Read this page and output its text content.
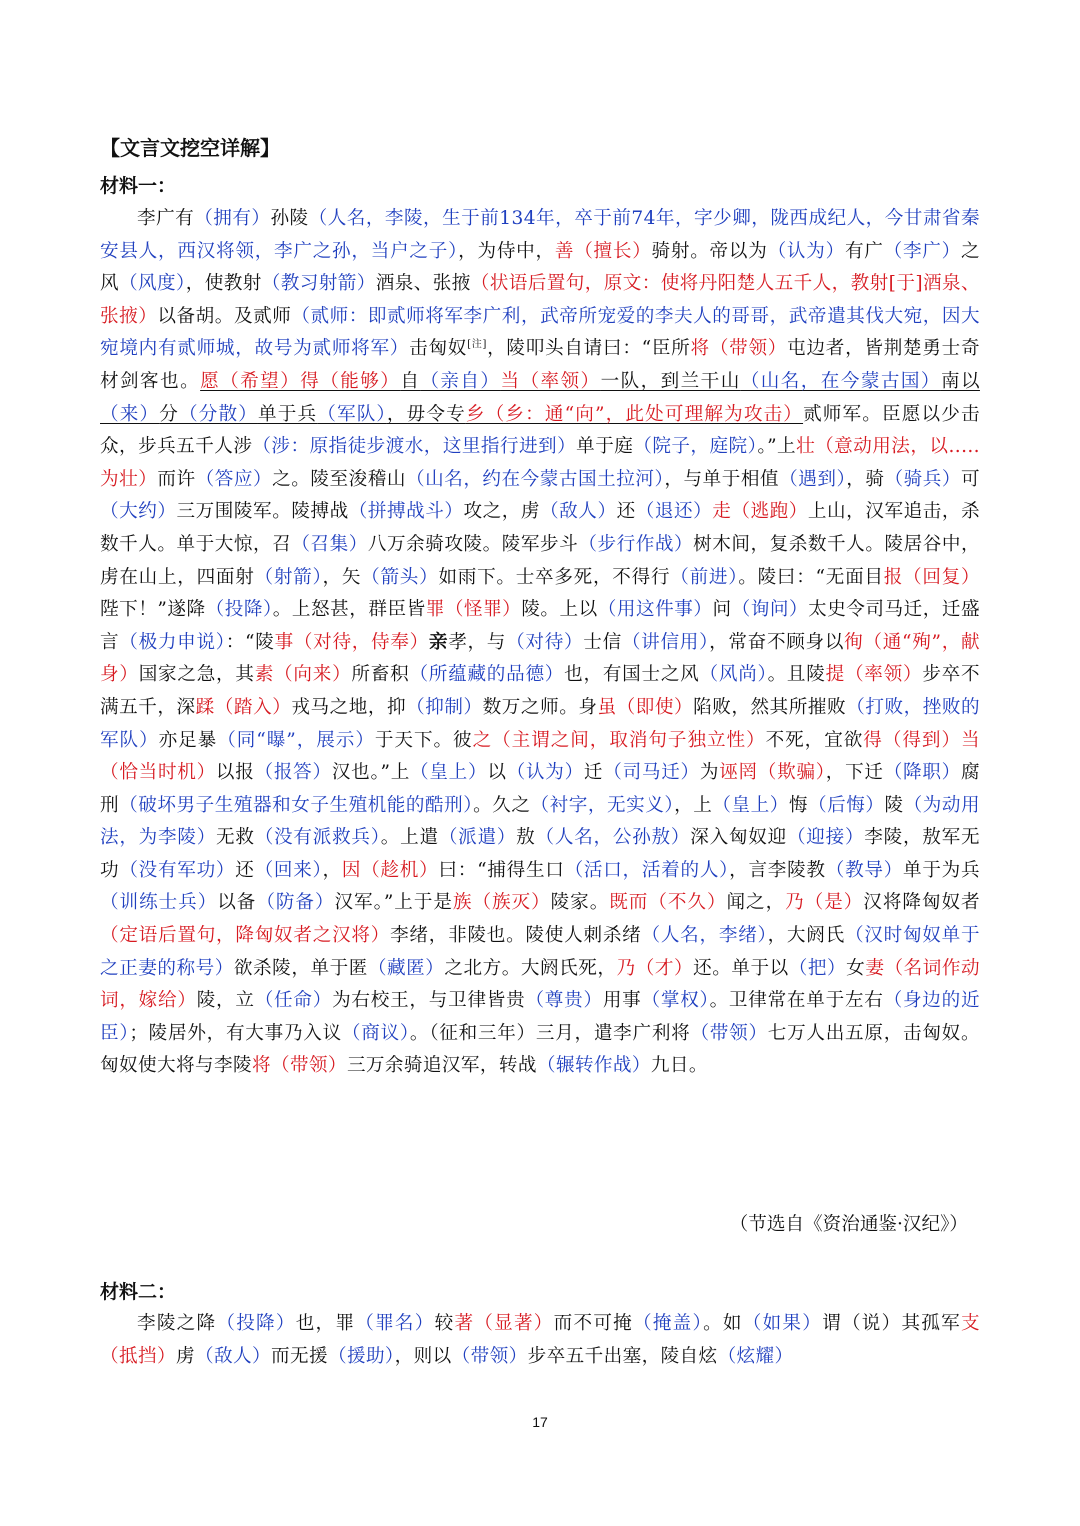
【文言文挖空详解】
材料一：
李广有（拥有）孙陵（人名，李陵，生于前134年，卒于前74年，字少卿，陇西成纪人，今甘肃省秦安县人，西汉将领，李广之孙，当户之子），为侍中，善（擅长）骑射。帝以为（认为）有广（李广）之风（风度），使教射（教习射箭）酒泉、张掖（状语后置句，原文：使将丹阳楚人五千人，教射[于]酒泉、张掖）以备胡。及贰师（贰师：即贰师将军李广利，武帝所宠爱的李夫人的哥哥，武帝遣其伐大宛，因大宛境内有贰师城，故号为贰师将军）击匈奴[注]，陵叩头自请曰：“臣所将（带领）屯边者，皆荆楚勇士奇材剑客也。愿（希望）得（能够）自（亲自）当（率领）一队，到兰干山（山名，在今蒙古国）南以（来）分（分散）单于兵（军队），毋令专乡（乡：通“向”，此处可理解为攻击）贰师军。臣愿以少击众，步兵五千人涉（涉：原指徒步渡水，这里指行进到）单于庭（院子，庭院）。”上壮（意动用法，以.....为壮）而许（答应）之。陵至浚稽山（山名，约在今蒙古国土拉河），与单于相值（遇到），骑（骑兵）可（大约）三万围陵军。陵搏战（拼搏战斗）攻之，虏（敌人）还（退还）走（逃跑）上山，汉军追击，杀数千人。单于大惊，召（召集）八万余骑攻陵。陵军步斗（步行作战）树木间，复杀数千人。陵居谷中，虏在山上，四面射（射箭），矢（箭头）如雨下。士卒多死，不得行（前进）。陵曰：“无面目报（回复）陛下！”遂降（投降）。上怒甚，群臣皆罪（怪罪）陵。上以（用这件事）问（询问）太史令司马迁，迁盛言（极力申说）：“陵事（对待，侍奉）亲孝，与（对待）士信（讲信用），常奋不顾身以徇（通“殉”，献身）国家之急，其素（向来）所畜积（所蕴藏的品德）也，有国士之风（风尚）。且陵提（率领）步卒不满五千，深蹂（踏入）戎马之地，抑（抑制）数万之师。身虽（即使）陷败，然其所摧败（打败，挫败的军队）亦足暴（同“曝”，展示）于天下。彼之（主谓之间，取消句子独立性）不死，宜欲得（得到）当（恰当时机）以报（报答）汉也。”上（皇上）以（认为）迁（司马迁）为诬罔（欺骗），下迁（降职）腐刑（破坏男子生殖器和女子生殖机能的酷刑）。久之（衬字，无实义），上（皇上）悔（后悔）陵（为动用法，为李陵）无救（没有派救兵）。上遣（派遣）敖（人名，公孙敖）深入匈奴迎（迎接）李陵，敖军无功（没有军功）还（回来），因（趁机）曰：“捕得生口（活口，活着的人），言李陵教（教导）单于为兵（训练士兵）以备（防备）汉军。”上于是族（族灭）陵家。既而（不久）闻之，乃（是）汉将降匈奴者（定语后置句，降匈奴者之汉将）李绪，非陵也。陵使人刺杀绪（人名，李绪），大阏氏（汉时匈奴单于之正妻的称号）欲杀陵，单于匿（藏匿）之北方。大阏氏死，乃（才）还。单于以（把）女妻（名词作动词，嫁给）陵，立（任命）为右校王，与卫律皆贵（尊贵）用事（掌权）。卫律常在单于左右（身边的近臣）；陵居外，有大事乃入议（商议）。（征和三年）三月，遣李广利将（带领）七万人出五原，击匈奴。匈奴使大将与李陵将（带领）三万余骑追汉军，转战（辗转作战）九日。
（节选自《资治通鉴·汉纪》）
材料二：
李陵之降（投降）也，罪（罪名）较著（显著）而不可掩（掩盖）。如（如果）谓（说）其孤军支（抵挡）虏（敌人）而无援（援助），则以（带领）步卒五千出塞，陵自炫（炫耀）
17
